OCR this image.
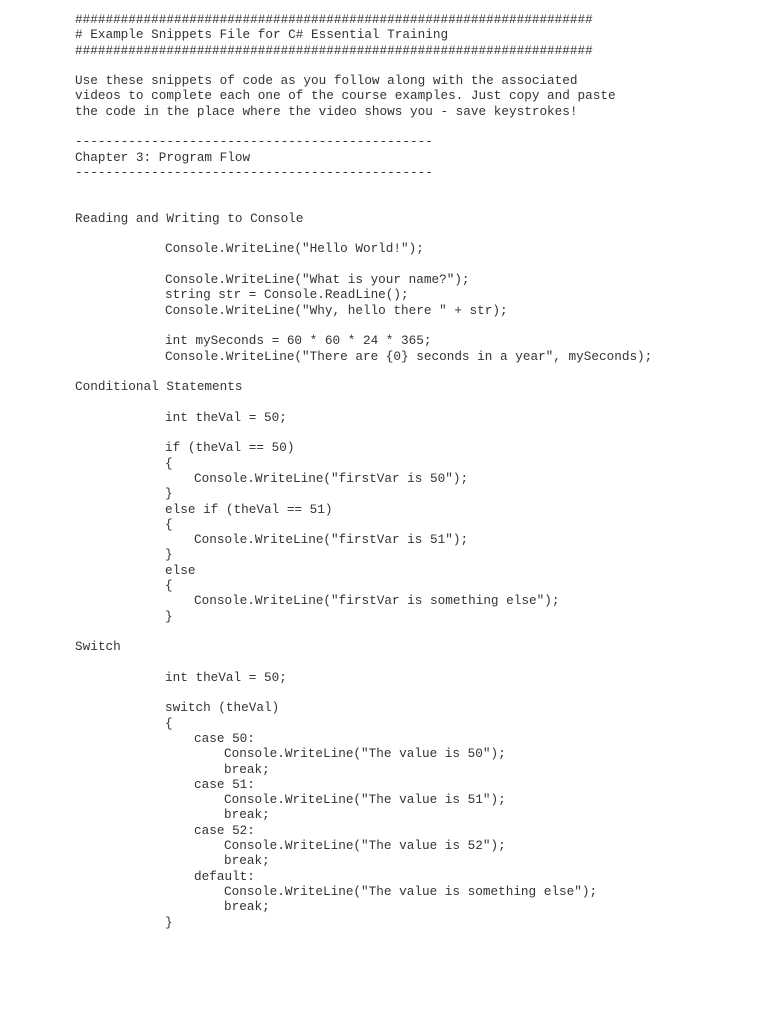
####################################################################
# Example Snippets File for C# Essential Training
####################################################################
Use these snippets of code as you follow along with the associated
videos to complete each one of the course examples. Just copy and paste
the code in the place where the video shows you - save keystrokes!
-----------------------------------------------
Chapter 3: Program Flow
-----------------------------------------------
Reading and Writing to Console
Console.WriteLine("Hello World!");
Console.WriteLine("What is your name?");
string str = Console.ReadLine();
Console.WriteLine("Why, hello there " + str);
int mySeconds = 60 * 60 * 24 * 365;
Console.WriteLine("There are {0} seconds in a year", mySeconds);
Conditional Statements
int theVal = 50;
if (theVal == 50)
{
Console.WriteLine("firstVar is 50");
}
else if (theVal == 51)
{
Console.WriteLine("firstVar is 51");
}
else
{
Console.WriteLine("firstVar is something else");
}
Switch
int theVal = 50;
switch (theVal)
{
case 50:
Console.WriteLine("The value is 50");
break;
case 51:
Console.WriteLine("The value is 51");
break;
case 52:
Console.WriteLine("The value is 52");
break;
default:
Console.WriteLine("The value is something else");
break;
}
